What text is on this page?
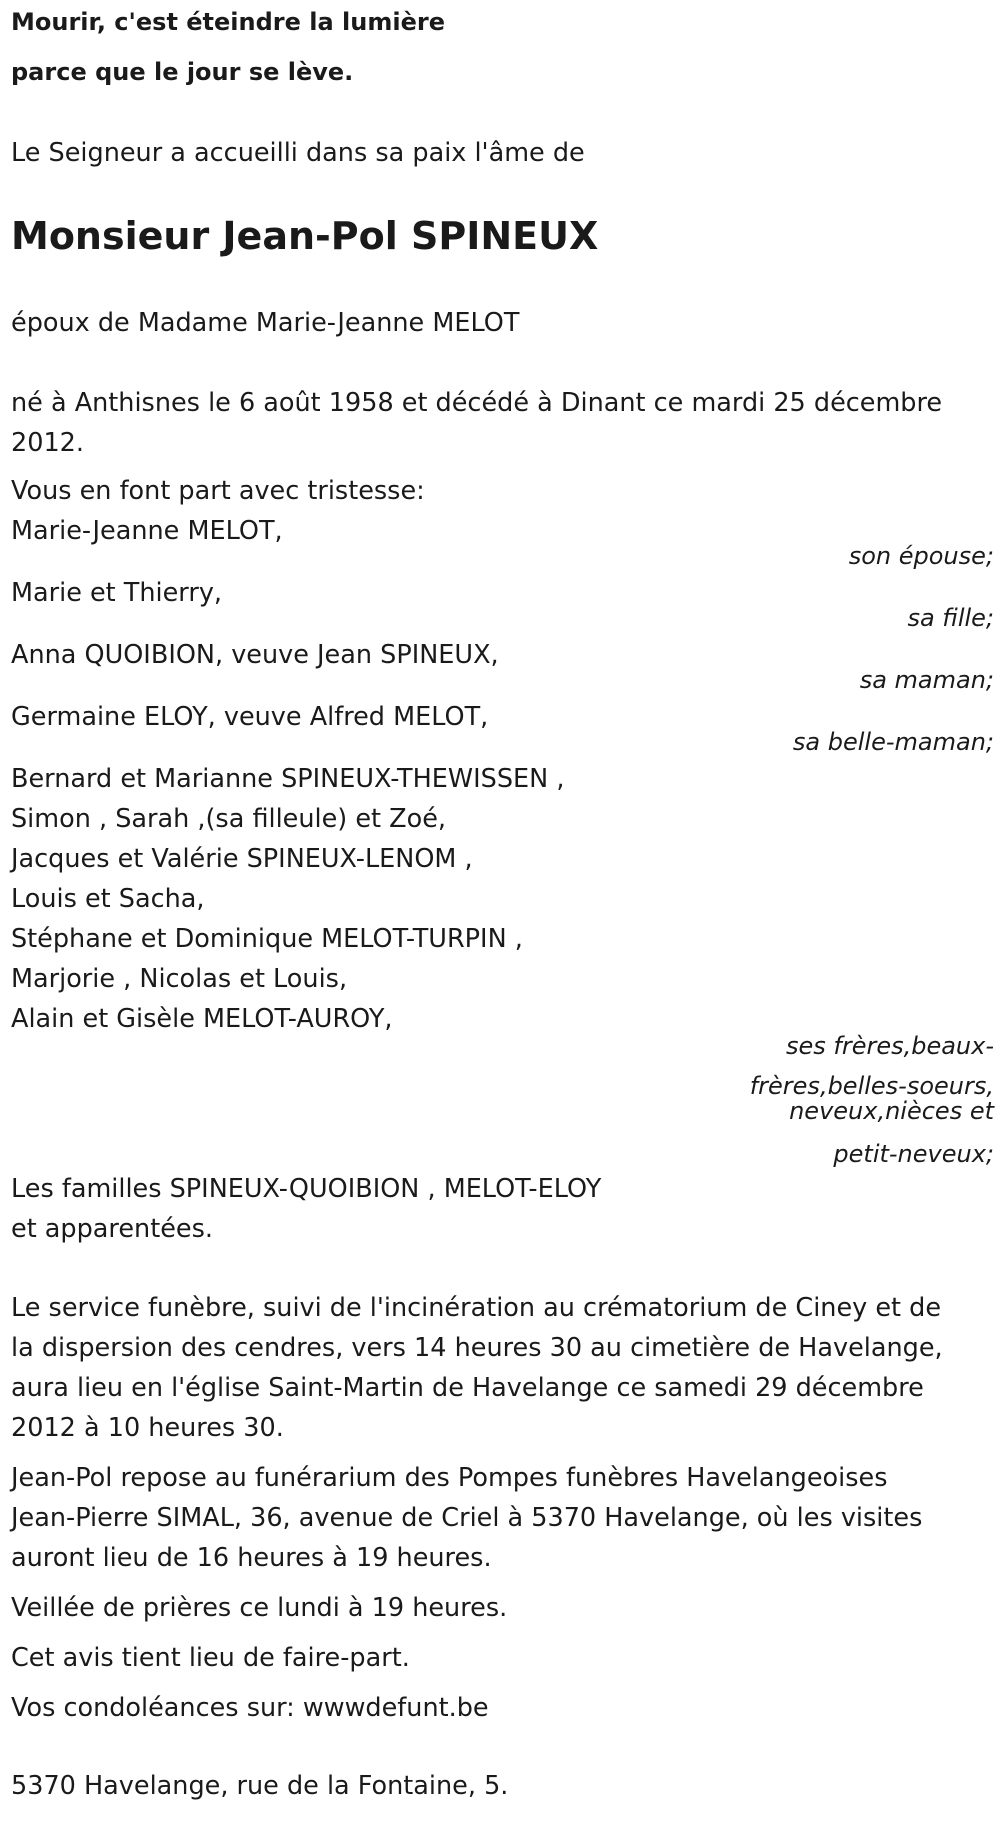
Mourir, c'est éteindre la lumière
parce que le jour se lève.
Le Seigneur a accueilli dans sa paix l'âme de
Monsieur Jean-Pol SPINEUX
époux de Madame Marie-Jeanne MELOT
né à Anthisnes le 6 août 1958 et décédé à Dinant ce mardi 25 décembre
2012.
Vous en font part avec tristesse:
Marie-Jeanne MELOT,
son épouse;
Marie et Thierry,
sa fille;
Anna QUOIBION, veuve Jean SPINEUX,
sa maman;
Germaine ELOY, veuve Alfred MELOT,
sa belle-maman;
Bernard et Marianne SPINEUX-THEWISSEN ,
Simon , Sarah ,(sa filleule) et Zoé,
Jacques et Valérie SPINEUX-LENOM ,
Louis et Sacha,
Stéphane et Dominique MELOT-TURPIN ,
Marjorie , Nicolas et Louis,
Alain et Gisèle MELOT-AUROY,
ses frères,beaux-
frères,belles-soeurs,
neveux,nièces et
petit-neveux;
Les familles SPINEUX-QUOIBION , MELOT-ELOY
et apparentées.
Le service funèbre, suivi de l'incinération au crématorium de Ciney et de
la dispersion des cendres, vers 14 heures 30 au cimetière de Havelange,
aura lieu en l'église Saint-Martin de Havelange ce samedi 29 décembre
2012 à 10 heures 30.
Jean-Pol repose au funérarium des Pompes funèbres Havelangeoises
Jean-Pierre SIMAL, 36, avenue de Criel à 5370 Havelange, où les visites
auront lieu de 16 heures à 19 heures.
Veillée de prières ce lundi à 19 heures.
Cet avis tient lieu de faire-part.
Vos condoléances sur: wwwdefunt.be
5370 Havelange, rue de la Fontaine, 5.
